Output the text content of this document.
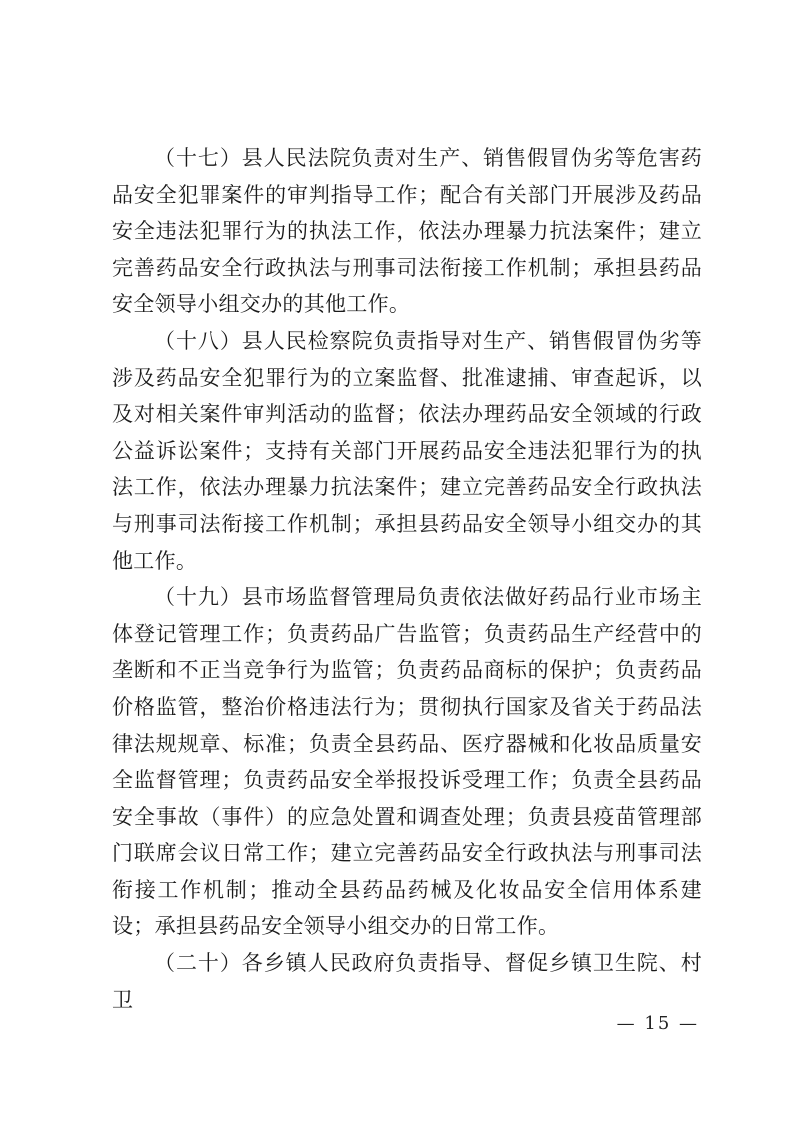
（十七）县人民法院负责对生产、销售假冒伪劣等危害药品安全犯罪案件的审判指导工作；配合有关部门开展涉及药品安全违法犯罪行为的执法工作，依法办理暴力抗法案件；建立完善药品安全行政执法与刑事司法衔接工作机制；承担县药品安全领导小组交办的其他工作。

（十八）县人民检察院负责指导对生产、销售假冒伪劣等涉及药品安全犯罪行为的立案监督、批准逮捕、审查起诉，以及对相关案件审判活动的监督；依法办理药品安全领域的行政公益诉讼案件；支持有关部门开展药品安全违法犯罪行为的执法工作，依法办理暴力抗法案件；建立完善药品安全行政执法与刑事司法衔接工作机制；承担县药品安全领导小组交办的其他工作。

（十九）县市场监督管理局负责依法做好药品行业市场主体登记管理工作；负责药品广告监管；负责药品生产经营中的垄断和不正当竞争行为监管；负责药品商标的保护；负责药品价格监管，整治价格违法行为；贯彻执行国家及省关于药品法律法规规章、标准；负责全县药品、医疗器械和化妆品质量安全监督管理；负责药品安全举报投诉受理工作；负责全县药品安全事故（事件）的应急处置和调查处理；负责县疫苗管理部门联席会议日常工作；建立完善药品安全行政执法与刑事司法衔接工作机制；推动全县药品药械及化妆品安全信用体系建设；承担县药品安全领导小组交办的日常工作。

（二十）各乡镇人民政府负责指导、督促乡镇卫生院、村卫

— 15 —
